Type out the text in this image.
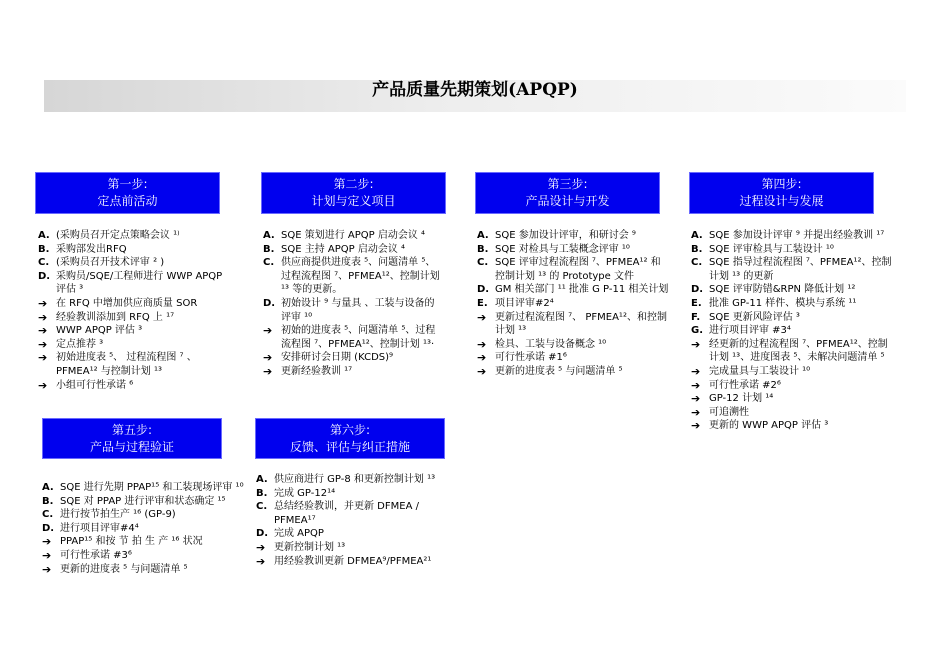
产品质量先期策划(APQP)
第一步:
定点前活动
第二步:
计划与定义项目
第三步:
产品设计与开发
第四步:
过程设计与发展
第五步:
产品与过程验证
第六步:
反馈、评估与纠正措施
A. (采购员召开定点策略会议 ¹⁾
B. 采购部发出RFQ
C. (采购员召开技术评审 ² )
D. 采购员/SQE/工程师进行 WWP APQP评估 ³
➔ 在 RFQ 中增加供应商质量 SOR
➔ 经验教训添加到 RFQ 上 ¹⁷
➔ WWP APQP 评估 ³
➔ 定点推荐 ³
➔ 初始进度表 ⁵、 过程流程图 ⁷ 、PFMEA¹² 与控制计划 ¹³
➔ 小组可行性承诺 ⁶
A. SQE 策划进行 APQP 启动会议 ⁴
B. SQE 主持 APQP 启动会议 ⁴
C. 供应商提供进度表 ⁵、问题清单 ⁵、过程流程图 ⁷、PFMEA¹²、控制计划 ¹³ 等的更新。
D. 初始设计 ⁹ 与量具 、工装与设备的 评审 ¹⁰
➔ 初始的进度表 ⁵、问题清单 ⁵、过程流程图 ⁷、PFMEA¹²、控制计划 ¹³·
➔ 安排研讨会日期 (KCDS)⁹
➔ 更新经验教训 ¹⁷
A. SQE 参加设计评审，和研讨会 ⁹
B. SQE 对检具与工装概念评审 ¹⁰
C. SQE 评审过程流程图 ⁷、PFMEA¹² 和控制计划 ¹³ 的 Prototype 文件
D. GM 相关部门 ¹¹ 批准 G P-11 相关计划
E. 项目评审#2⁴
➔ 更新过程流程图 ⁷、 PFMEA¹²、和控制计划 ¹³
➔ 检具、工装与设备概念 ¹⁰
➔ 可行性承诺 #1⁶
➔ 更新的进度表 ⁵ 与问题清单 ⁵
A. SQE 参加设计评审 ⁹ 并提出经验教训 ¹⁷
B. SQE 评审检具与工装设计 ¹⁰
C. SQE 指导过程流程图 ⁷、PFMEA¹²、控制计划 ¹³ 的更新
D. SQE 评审防错&RPN 降低计划 ¹²
E. 批准 GP-11 样件、模块与系统 ¹¹
F. SQE 更新风险评估 ³
G. 进行项目评审 #3⁴
➔ 经更新的过程流程图 ⁷、PFMEA¹²、控制计划 ¹³、进度图表 ⁵、未解决问题清单 ⁵
➔ 完成量具与工装设计 ¹⁰
➔ 可行性承诺 #2⁶
➔ GP-12 计划 ¹⁴
➔ 可追溯性
➔ 更新的 WWP APQP 评估 ³
A. SQE 进行先期 PPAP¹⁵ 和工装现场评审 ¹⁰
B. SQE 对 PPAP 进行评审和状态确定 ¹⁵
C. 进行按节拍生产 ¹⁶ (GP-9)
D. 进行项目评审#4⁴
➔ PPAP¹⁵ 和按 节 拍 生 产 ¹⁶ 状况
➔ 可行性承诺 #3⁶
➔ 更新的进度表 ⁵ 与问题清单 ⁵
A. 供应商进行 GP-8 和更新控制计划 ¹³
B. 完成 GP-12¹⁴
C. 总结经验教训，并更新 DFMEA / PFMEA¹⁷
D. 完成 APQP
➔ 更新控制计划 ¹³
➔ 用经验教训更新 DFMEA⁹/PFMEA²¹
